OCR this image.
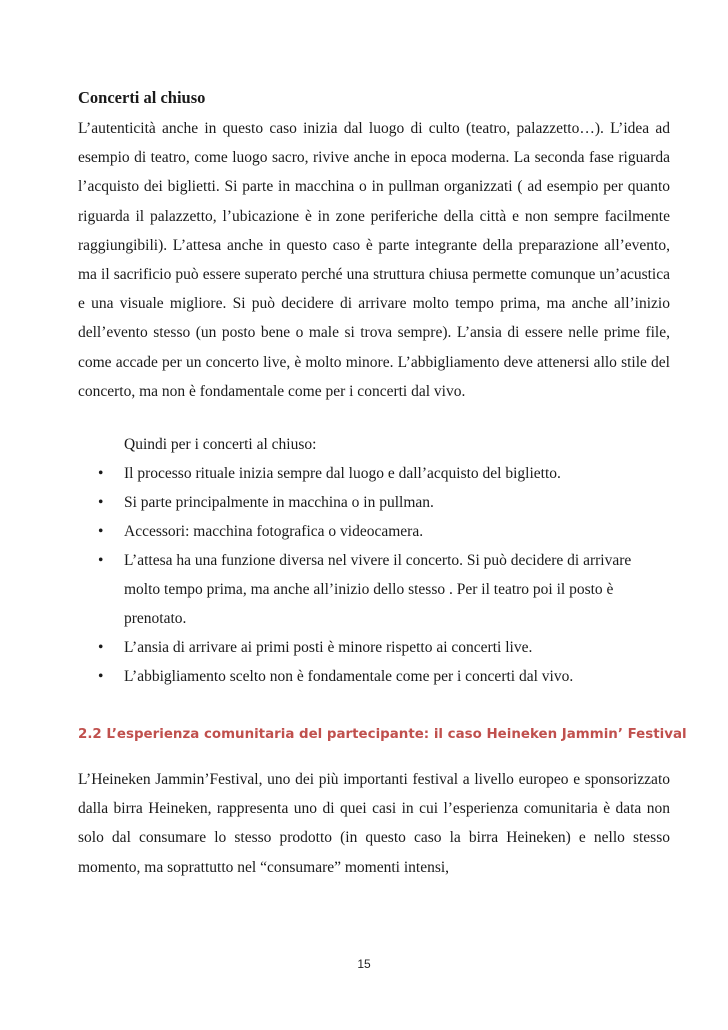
Concerti al chiuso

L’autenticità anche in questo caso inizia dal luogo di culto (teatro, palazzetto…). L’idea ad esempio di teatro, come luogo sacro, rivive anche in epoca moderna. La seconda fase riguarda l’acquisto dei biglietti. Si parte in macchina o in pullman organizzati ( ad esempio per quanto riguarda il palazzetto, l’ubicazione è in zone periferiche della città e non sempre facilmente raggiungibili). L’attesa anche in questo caso è parte integrante della preparazione all’evento, ma il sacrificio può essere superato perché una struttura chiusa permette comunque un’acustica e una visuale migliore. Si può decidere di arrivare molto tempo prima, ma anche all’inizio dell’evento stesso (un posto bene o male si trova sempre). L’ansia di essere nelle prime file, come accade per un concerto live, è molto minore. L’abbigliamento deve attenersi allo stile del concerto, ma non è fondamentale come per i concerti dal vivo.

Quindi per i concerti al chiuso:
• Il processo rituale inizia sempre dal luogo e dall’acquisto del biglietto.
• Si parte principalmente in macchina o in pullman.
• Accessori: macchina fotografica o videocamera.
• L’attesa ha una funzione diversa nel vivere il concerto. Si può decidere di arrivare molto tempo prima, ma anche all’inizio dello stesso . Per il teatro poi il posto è prenotato.
• L’ansia di arrivare ai primi posti è minore rispetto ai concerti live.
• L’abbigliamento scelto non è fondamentale come per i concerti dal vivo.
2.2 L’esperienza comunitaria del partecipante: il caso Heineken Jammin’ Festival

L’Heineken Jammin’Festival, uno dei più importanti festival a livello europeo e sponsorizzato dalla birra Heineken, rappresenta uno di quei casi in cui l’esperienza comunitaria è data non solo dal consumare lo stesso prodotto (in questo caso la birra Heineken) e nello stesso momento, ma soprattutto nel “consumare” momenti intensi,

15
